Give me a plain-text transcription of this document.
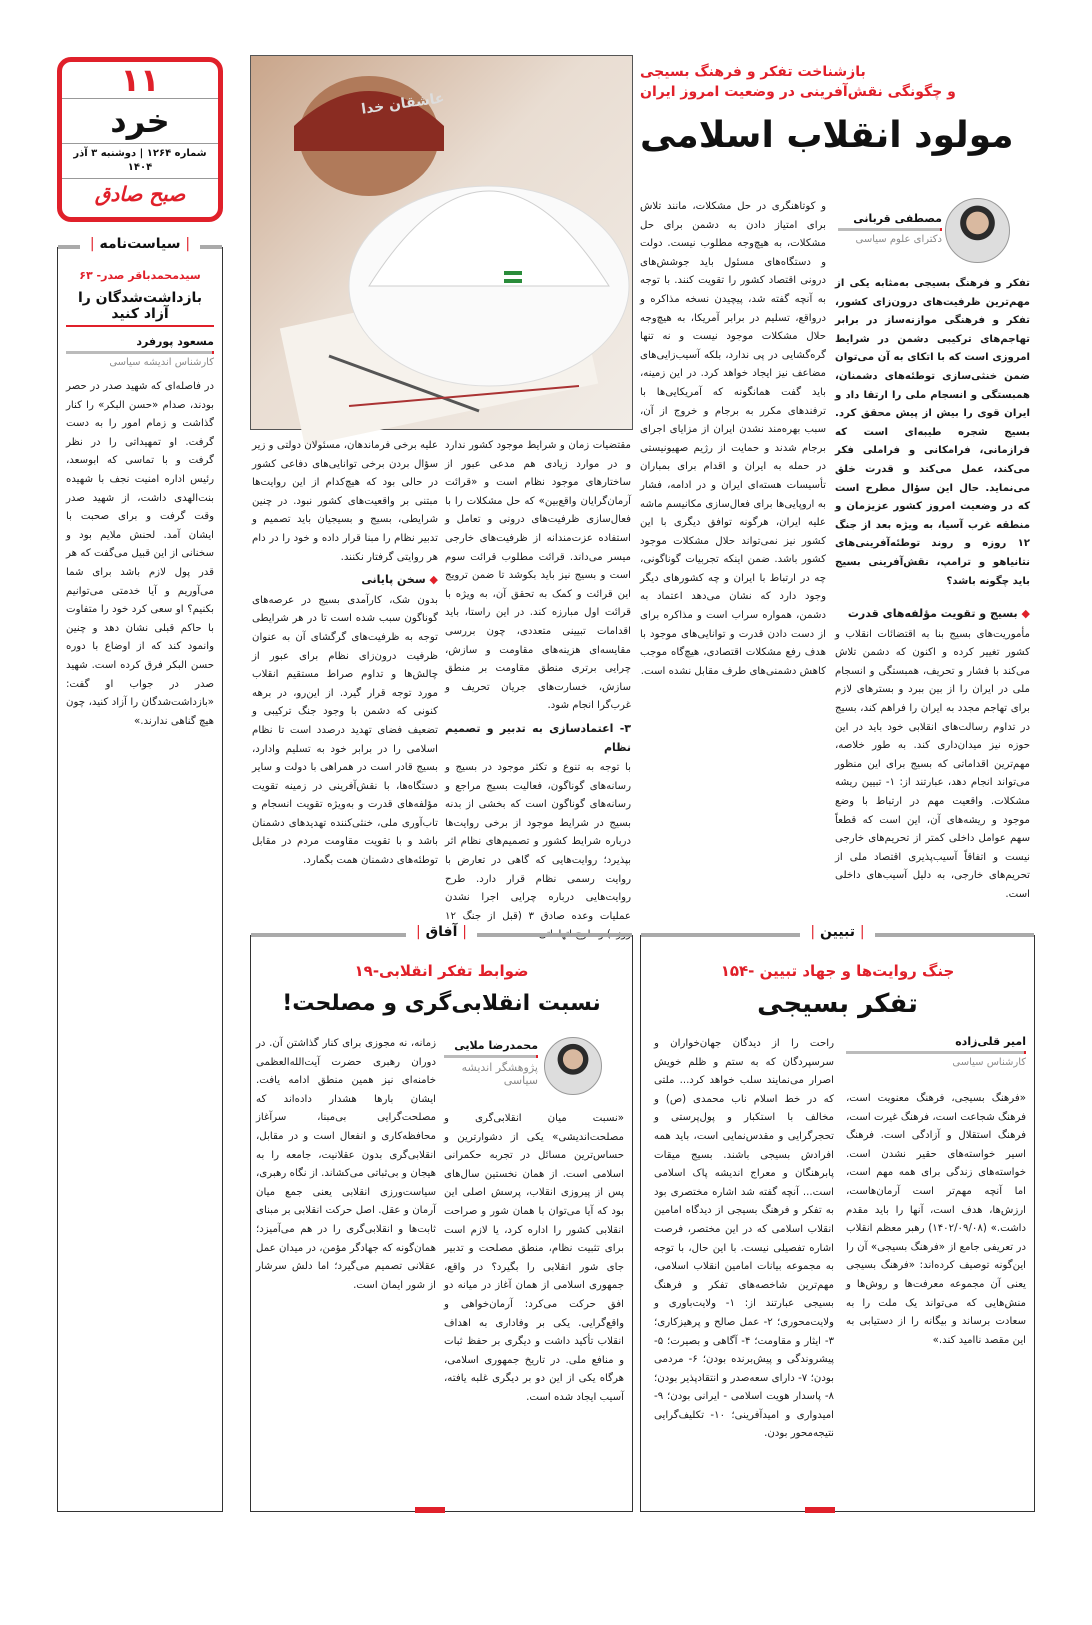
۱۱
خرد
شماره ۱۲۶۴ | دوشنبه ۳ آذر ۱۴۰۴
صبح صادق
| سیاست‌نامه |
سیدمحمدباقر صدر- ۶۳
بازداشت‌شدگان را آزاد کنید
مسعود پورفرد
کارشناس اندیشه سیاسی

در فاصله‌ای که شهید صدر در حصر بودند، صدام «حسن البکر» را کنار گذاشت و زمام امور را به دست گرفت. او تمهیداتی را در نظر گرفت و با تماسی که ابوسعد، رئیس اداره امنیت نجف با شهیده بنت‌الهدی داشت، از شهید صدر وقت گرفت و برای صحبت با ایشان آمد. لحنش ملایم بود و سخنانی از این قبیل می‌گفت که هر قدر پول لازم باشد برای شما می‌آوریم و آیا خدمتی می‌توانیم بکنیم؟ او سعی کرد خود را متفاوت با حاکم قبلی نشان دهد و چنین وانمود کند که از اوضاع با دوره حسن البکر فرق کرده است. شهید صدر در جواب او گفت: «بازداشت‌شدگان را آزاد کنید، چون هیچ گناهی ندارند.»

عاشقان خدا
بازشناخت تفکر و فرهنگ بسیجی
و چگونگی نقش‌آفرینی در وضعیت امروز ایران
مولود انقلاب اسلامی
مصطفی قربانی
دکترای علوم سیاسی

تفکر و فرهنگ بسیجی به‌مثابه یکی از مهم‌ترین ظرفیت‌های درون‌زای کشور، تفکر و فرهنگی موازنه‌ساز در برابر تهاجم‌های ترکیبی دشمن در شرایط امروزی است که با اتکای به آن می‌توان ضمن خنثی‌سازی توطئه‌های دشمنان، همبستگی و انسجام ملی را ارتقا داد و ایران قوی را بیش از پیش محقق کرد. بسیج شجره طیبه‌ای است که فرازمانی، فرامکانی و فراملی فکر می‌کند، عمل می‌کند و قدرت خلق می‌نماید. حال این سؤال مطرح است که در وضعیت امروز کشور عزیزمان و منطقه غرب آسیا، به ویژه بعد از جنگ ۱۲ روزه و روند توطئه‌آفرینی‌های نتانیاهو و ترامپ، نقش‌آفرینی بسیج باید چگونه باشد؟

◆ بسیج و تقویت مؤلفه‌های قدرت

مأموریت‌های بسیج بنا به اقتضائات انقلاب و کشور تغییر کرده و اکنون که دشمن تلاش می‌کند با فشار و تحریف، همبستگی و انسجام ملی در ایران را از بین ببرد و بسترهای لازم برای تهاجم مجدد به ایران را فراهم کند، بسیج در تداوم رسالت‌های انقلابی خود باید در این حوزه نیز میدان‌داری کند. به طور خلاصه، مهم‌ترین اقداماتی که بسیج برای این منظور می‌تواند انجام دهد، عبارتند از: ۱- تبیین ریشه مشکلات. واقعیت مهم در ارتباط با وضع موجود و ریشه‌های آن، این است که قطعاً سهم عوامل داخلی کمتر از تحریم‌های خارجی نیست و اتفاقاً آسیب‌پذیری اقتصاد ملی از تحریم‌های خارجی، به دلیل آسیب‌های داخلی است.

و کوتاهنگری در حل مشکلات، مانند تلاش برای امتیاز دادن به دشمن برای حل مشکلات، به هیچ‌وجه مطلوب نیست. دولت و دستگاه‌های مسئول باید جوشش‌های درونی اقتصاد کشور را تقویت کنند. با توجه به آنچه گفته شد، پیچیدن نسخه مذاکره و درواقع، تسلیم در برابر آمریکا، به هیچ‌وجه حلال مشکلات موجود نیست و نه تنها گره‌گشایی در پی ندارد، بلکه آسیب‌زایی‌های مضاعف نیز ایجاد خواهد کرد. در این زمینه، باید گفت همانگونه که آمریکایی‌ها با ترفندهای مکرر به برجام و خروج از آن، سبب بهره‌مند نشدن ایران از مزایای اجرای برجام شدند و حمایت از رژیم صهیونیستی در حمله به ایران و اقدام برای بمباران تأسیسات هسته‌ای ایران و در ادامه، فشار به اروپایی‌ها برای فعال‌سازی مکانیسم ماشه علیه ایران، هرگونه توافق دیگری با این کشور نیز نمی‌تواند حلال مشکلات موجود کشور باشد. ضمن اینکه تجربیات گوناگونی، چه در ارتباط با ایران و چه کشورهای دیگر وجود دارد که نشان می‌دهد اعتماد به دشمن، همواره سراب است و مذاکره برای از دست دادن قدرت و توانایی‌های موجود با هدف رفع مشکلات اقتصادی، هیچ‌گاه موجب کاهش دشمنی‌های طرف مقابل نشده است.

مقتضیات زمان و شرایط موجود کشور ندارد و در موارد زیادی هم مدعی عبور از ساختارهای موجود نظام است و «قرائت آرمان‌گرایان واقع‌بین» که حل مشکلات را با فعال‌سازی ظرفیت‌های درونی و تعامل و استفاده عزت‌مندانه از ظرفیت‌های خارجی میسر می‌داند. قرائت مطلوب قرائت سوم است و بسیج نیز باید بکوشد تا ضمن ترویج این قرائت و کمک به تحقق آن، به ویژه با قرائت اول مبارزه کند. در این راستا، باید اقدامات تبیینی متعددی، چون بررسی مقایسه‌ای هزینه‌های مقاومت و سازش، چرایی برتری منطق مقاومت بر منطق سازش، خسارت‌های جریان تحریف و غرب‌گرا انجام شود.

۳- اعتمادسازی به تدبیر و تصمیم نظام

با توجه به تنوع و تکثر موجود در بسیج و رسانه‌های گوناگون، فعالیت بسیج مراجع و رسانه‌های گوناگون است که بخشی از بدنه بسیج در شرایط موجود از برخی روایت‌ها درباره شرایط کشور و تصمیم‌های نظام اثر بپذیرد؛ روایت‌هایی که گاهی در تعارض با روایت رسمی نظام قرار دارد. طرح روایت‌هایی درباره چرایی اجرا نشدن عملیات وعده صادق ۳ (قبل از جنگ ۱۲

علیه برخی فرماندهان، مسئولان دولتی و زیر سؤال بردن برخی توانایی‌های دفاعی کشور در حالی بود که هیچ‌کدام از این روایت‌ها مبتنی بر واقعیت‌های کشور نبود. در چنین شرایطی، بسیج و بسیجیان باید تصمیم و تدبیر نظام را مبنا قرار داده و خود را در دام هر روایتی گرفتار نکنند.

◆ سخن پایانی

بدون شک، کارآمدی بسیج در عرصه‌های گوناگون سبب شده است تا در هر شرایطی توجه به ظرفیت‌های گرگشای آن به عنوان ظرفیت درون‌زای نظام برای عبور از چالش‌ها و تداوم صراط مستقیم انقلاب مورد توجه قرار گیرد. از این‌رو، در برهه کنونی که دشمن با وجود جنگ ترکیبی و تضعیف فضای تهدید درصدد است تا نظام اسلامی را در برابر خود به تسلیم وادارد، بسیج قادر است در همراهی با دولت و سایر دستگاه‌ها، با نقش‌آفرینی در زمینه تقویت مؤلفه‌های قدرت و به‌ویژه تقویت انسجام و تاب‌آوری ملی، خنثی‌کننده تهدیدهای دشمنان باشد و با تقویت مقاومت مردم در مقابل توطئه‌های دشمنان همت بگمارد.

| تبیین |
جنگ روایت‌ها و جهاد تبیین -۱۵۴
تفکر بسیجی
امیر قلی‌زاده
کارشناس سیاسی

«فرهنگ بسیجی، فرهنگ معنویت است، فرهنگ شجاعت است، فرهنگ غیرت است، فرهنگ استقلال و آزادگی است. فرهنگ اسیر خواسته‌های حقیر نشدن است. خواسته‌های زندگی برای همه مهم است، اما آنچه مهم‌تر است آرمان‌هاست، ارزش‌ها، هدف است، آنها را باید مقدم داشت.» (۱۴۰۲/۰۹/۰۸) رهبر معظم انقلاب در تعریفی جامع از «فرهنگ بسیجی» آن را این‌گونه توصیف کرده‌اند: «فرهنگ بسیجی یعنی آن مجموعه معرفت‌ها و روش‌ها و منش‌هایی که می‌تواند یک ملت را به سعادت برساند و بیگانه را از دستیابی به این مقصد ناامید کند.»

راحت را از دیدگان جهان‌خواران و سرسپردگان که به ستم و ظلم خویش اصرار می‌نمایند سلب خواهد کرد... ملتی که در خط اسلام ناب محمدی (ص) و مخالف با استکبار و پول‌پرستی و تحجرگرایی و مقدس‌نمایی است، باید همه افرادش بسیجی باشند. بسیج میقات پابرهنگان و معراج اندیشه پاک اسلامی است... آنچه گفته شد اشاره مختصری بود به تفکر و فرهنگ بسیجی از دیدگاه امامین انقلاب اسلامی که در این مختصر، فرصت اشاره تفصیلی نیست. با این حال، با توجه به مجموعه بیانات امامین انقلاب اسلامی، مهم‌ترین شاخصه‌های تفکر و فرهنگ بسیجی عبارتند از: ۱- ولایت‌باوری و ولایت‌محوری؛ ۲- عمل صالح و پرهیزکاری؛ ۳- ایثار و مقاومت؛ ۴- آگاهی و بصیرت؛ ۵- پیشروندگی و پیش‌برنده بودن؛ ۶- مردمی بودن؛ ۷- دارای سعه‌صدر و انتقادپذیر بودن؛ ۸- پاسدار هویت اسلامی - ایرانی بودن؛ ۹- امیدواری و امیدآفرینی؛ ۱۰- تکلیف‌گرایی نتیجه‌محور بودن.

| آفاق |
ضوابط تفکر انقلابی-۱۹
نسبت انقلابی‌گری و مصلحت!
محمدرضا ملایی
پژوهشگر اندیشه سیاسی

«نسبت میان انقلابی‌گری و مصلحت‌اندیشی» یکی از دشوارترین و حساس‌ترین مسائل در تجربه حکمرانی اسلامی است. از همان نخستین سال‌های پس از پیروزی انقلاب، پرسش اصلی این بود که آیا می‌توان با همان شور و صراحت انقلابی کشور را اداره کرد، یا لازم است برای تثبیت نظام، منطق مصلحت و تدبیر جای شور انقلابی را بگیرد؟ در واقع، جمهوری اسلامی از همان آغاز در میانه دو افق حرکت می‌کرد: آرمان‌خواهی و واقع‌گرایی. یکی بر وفاداری به اهداف انقلاب تأکید داشت و دیگری بر حفظ ثبات و منافع ملی. در تاریخ جمهوری اسلامی، هرگاه یکی از این دو بر دیگری غلبه یافته، آسیب ایجاد شده است.

زمانه، نه مجوزی برای کنار گذاشتن آن. در دوران رهبری حضرت آیت‌الله‌العظمی خامنه‌ای نیز همین منطق ادامه یافت. ایشان بارها هشدار داده‌اند که مصلحت‌گرایی بی‌مبنا، سرآغاز محافظه‌کاری و انفعال است و در مقابل، انقلابی‌گری بدون عقلانیت، جامعه را به هیجان و بی‌ثباتی می‌کشاند. از نگاه رهبری، سیاست‌ورزی انقلابی یعنی جمع میان آرمان و عقل. اصل حرکت انقلابی بر مبنای ثابت‌ها و انقلابی‌گری را در هم می‌آمیزد؛ همان‌گونه که جهادگر مؤمن، در میدان عمل عقلانی تصمیم می‌گیرد؛ اما دلش سرشار از شور ایمان است.
